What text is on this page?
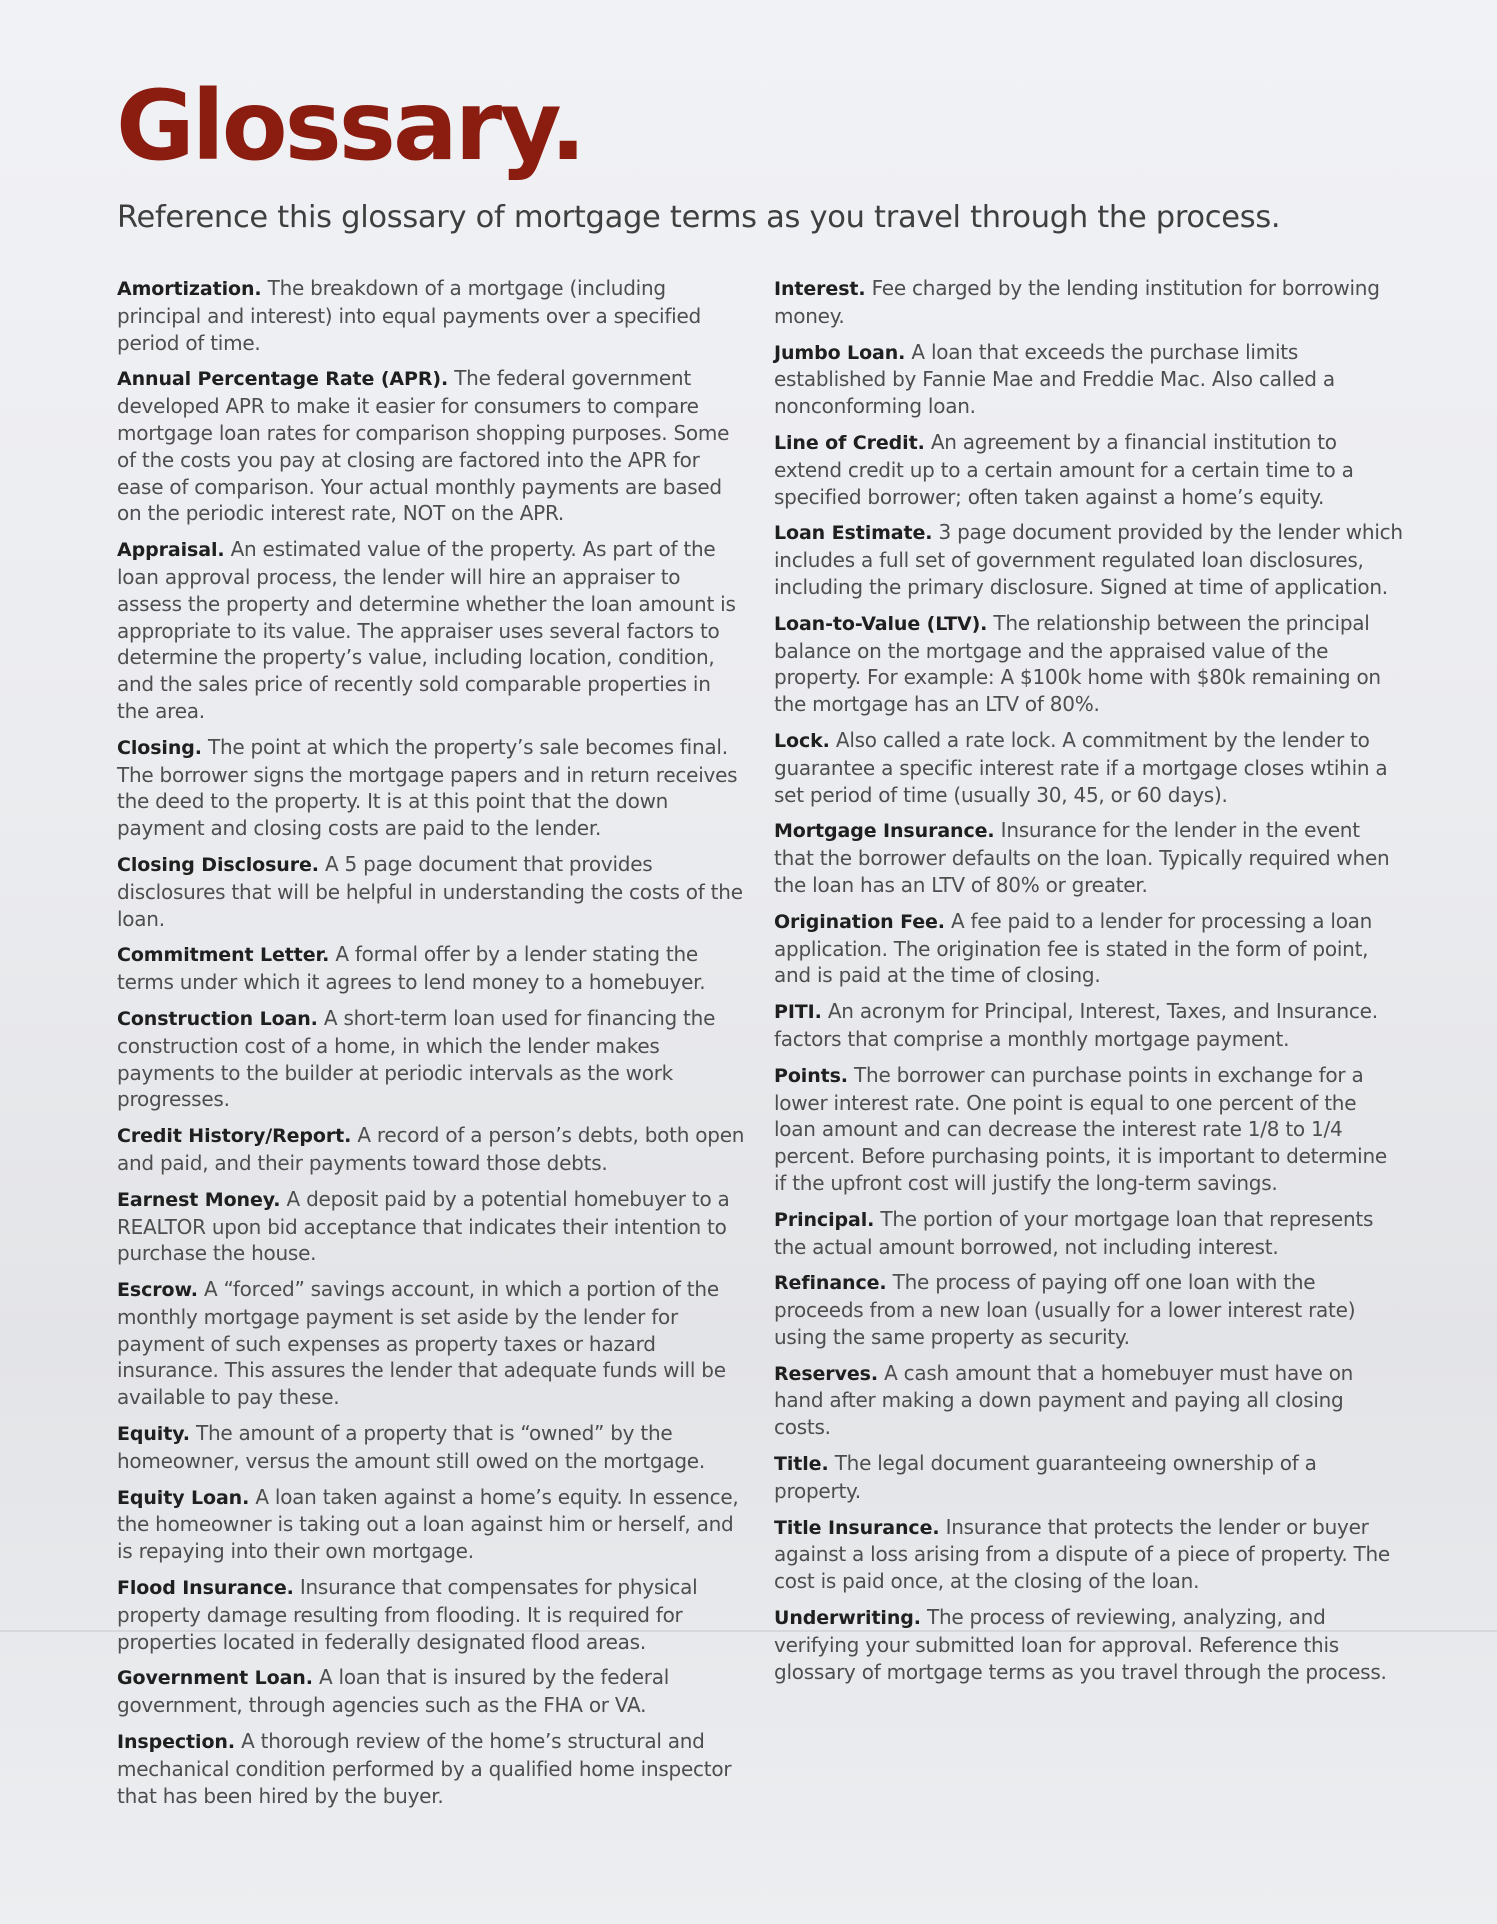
Glossary.

Reference this glossary of mortgage terms as you travel through the process.

Amortization. The breakdown of a mortgage (including principal and interest) into equal payments over a specified period of time.

Annual Percentage Rate (APR). The federal government developed APR to make it easier for consumers to compare mortgage loan rates for comparison shopping purposes. Some of the costs you pay at closing are factored into the APR for ease of comparison. Your actual monthly payments are based on the periodic interest rate, NOT on the APR.

Appraisal. An estimated value of the property. As part of the loan approval process, the lender will hire an appraiser to assess the property and determine whether the loan amount is appropriate to its value. The appraiser uses several factors to determine the property’s value, including location, condition, and the sales price of recently sold comparable properties in the area.

Closing. The point at which the property’s sale becomes final. The borrower signs the mortgage papers and in return receives the deed to the property. It is at this point that the down payment and closing costs are paid to the lender.

Closing Disclosure. A 5 page document that provides disclosures that will be helpful in understanding the costs of the loan.

Commitment Letter. A formal offer by a lender stating the terms under which it agrees to lend money to a homebuyer.

Construction Loan. A short-term loan used for financing the construction cost of a home, in which the lender makes payments to the builder at periodic intervals as the work progresses.

Credit History/Report. A record of a person’s debts, both open and paid, and their payments toward those debts.

Earnest Money. A deposit paid by a potential homebuyer to a REALTOR upon bid acceptance that indicates their intention to purchase the house.

Escrow. A “forced” savings account, in which a portion of the monthly mortgage payment is set aside by the lender for payment of such expenses as property taxes or hazard insurance. This assures the lender that adequate funds will be available to pay these.

Equity. The amount of a property that is “owned” by the homeowner, versus the amount still owed on the mortgage.

Equity Loan. A loan taken against a home’s equity. In essence, the homeowner is taking out a loan against him or herself, and is repaying into their own mortgage.

Flood Insurance. Insurance that compensates for physical property damage resulting from flooding. It is required for properties located in federally designated flood areas.

Government Loan. A loan that is insured by the federal government, through agencies such as the FHA or VA.

Inspection. A thorough review of the home’s structural and mechanical condition performed by a qualified home inspector that has been hired by the buyer.

Interest. Fee charged by the lending institution for borrowing money.

Jumbo Loan. A loan that exceeds the purchase limits established by Fannie Mae and Freddie Mac. Also called a nonconforming loan.

Line of Credit. An agreement by a financial institution to extend credit up to a certain amount for a certain time to a specified borrower; often taken against a home’s equity.

Loan Estimate. 3 page document provided by the lender which includes a full set of government regulated loan disclosures, including the primary disclosure. Signed at time of application.

Loan-to-Value (LTV). The relationship between the principal balance on the mortgage and the appraised value of the property. For example: A $100k home with $80k remaining on the mortgage has an LTV of 80%.

Lock. Also called a rate lock. A commitment by the lender to guarantee a specific interest rate if a mortgage closes wtihin a set period of time (usually 30, 45, or 60 days).

Mortgage Insurance. Insurance for the lender in the event that the borrower defaults on the loan. Typically required when the loan has an LTV of 80% or greater.

Origination Fee. A fee paid to a lender for processing a loan application. The origination fee is stated in the form of point, and is paid at the time of closing.

PITI. An acronym for Principal, Interest, Taxes, and Insurance. factors that comprise a monthly mortgage payment.

Points. The borrower can purchase points in exchange for a lower interest rate. One point is equal to one percent of the loan amount and can decrease the interest rate 1/8 to 1/4 percent. Before purchasing points, it is important to determine if the upfront cost will justify the long-term savings.

Principal. The portion of your mortgage loan that represents the actual amount borrowed, not including interest.

Refinance. The process of paying off one loan with the proceeds from a new loan (usually for a lower interest rate) using the same property as security.

Reserves. A cash amount that a homebuyer must have on hand after making a down payment and paying all closing costs.

Title. The legal document guaranteeing ownership of a property.

Title Insurance. Insurance that protects the lender or buyer against a loss arising from a dispute of a piece of property. The cost is paid once, at the closing of the loan.

Underwriting. The process of reviewing, analyzing, and verifying your submitted loan for approval. Reference this glossary of mortgage terms as you travel through the process.
